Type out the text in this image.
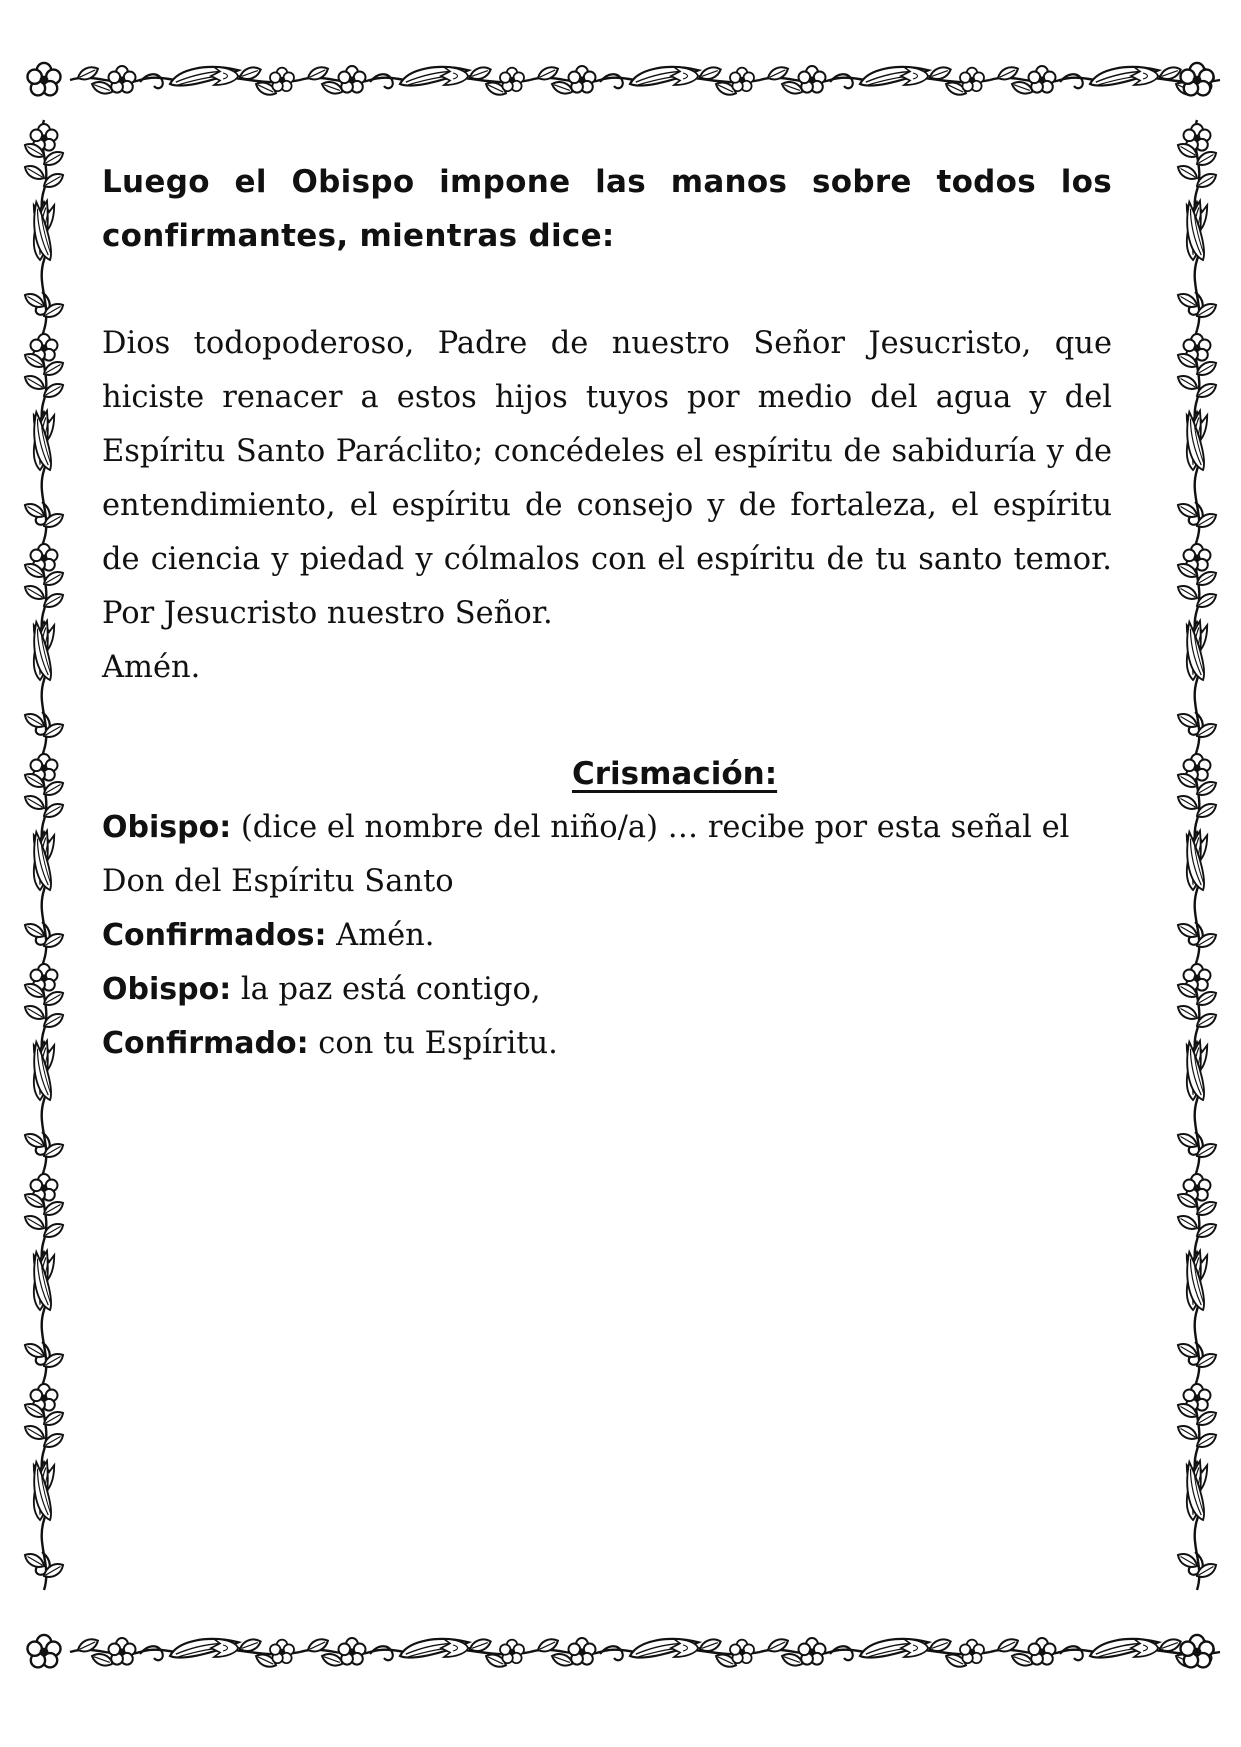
Luego el Obispo impone las manos sobre todos los confirmantes, mientras dice:

Dios todopoderoso, Padre de nuestro Señor Jesucristo, que hiciste renacer a estos hijos tuyos por medio del agua y del Espíritu Santo Paráclito; concédeles el espíritu de sabiduría y de entendimiento, el espíritu de consejo y de fortaleza, el espíritu de ciencia y piedad y cólmalos con el espíritu de tu santo temor. Por Jesucristo nuestro Señor.
Amén.

Crismación:
Obispo: (dice el nombre del niño/a) … recibe por esta señal el Don del Espíritu Santo
Confirmados: Amén.
Obispo: la paz está contigo,
Confirmado: con tu Espíritu.
